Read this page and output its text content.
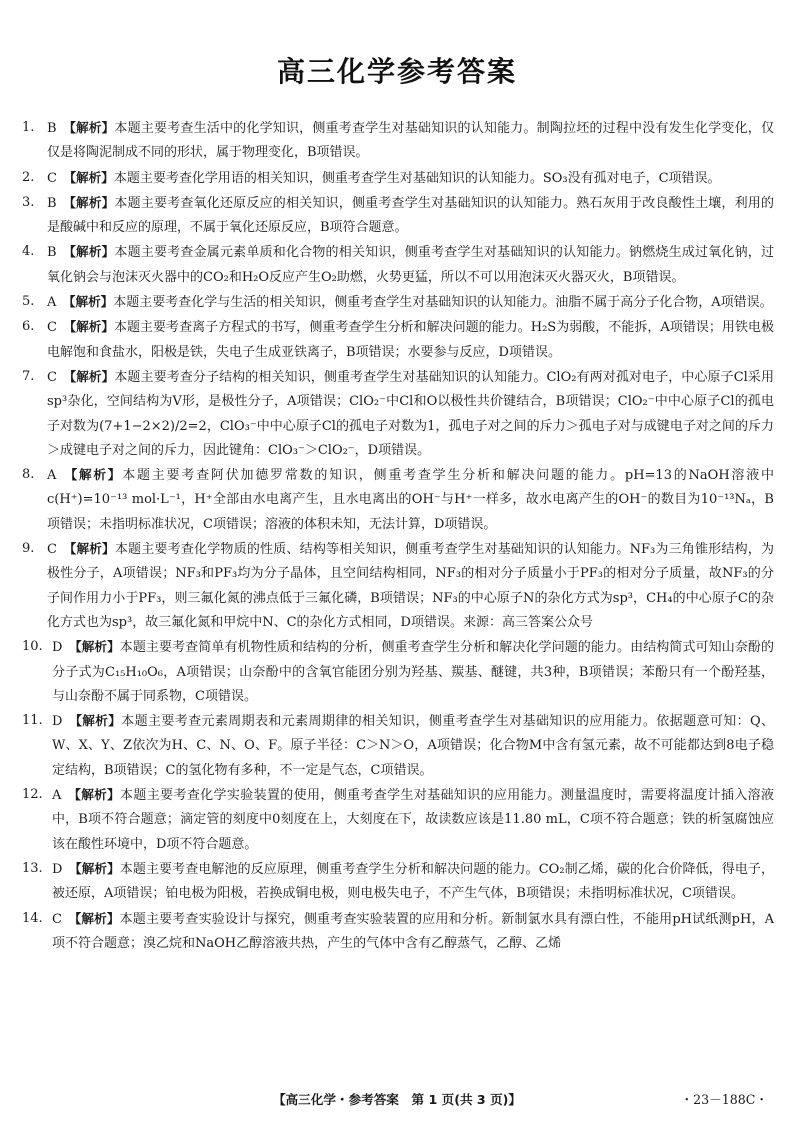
高三化学参考答案
1. B  【解析】本题主要考查生活中的化学知识，侧重考查学生对基础知识的认知能力。制陶拉坯的过程中没有发生化学变化，仅仅是将陶泥制成不同的形状，属于物理变化，B项错误。
2. C  【解析】本题主要考查化学用语的相关知识，侧重考查学生对基础知识的认知能力。SO₃没有孤对电子，C项错误。
3. B  【解析】本题主要考查氧化还原反应的相关知识，侧重考查学生对基础知识的认知能力。熟石灰用于改良酸性土壤，利用的是酸碱中和反应的原理，不属于氧化还原反应，B项符合题意。
4. B  【解析】本题主要考查金属元素单质和化合物的相关知识，侧重考查学生对基础知识的认知能力。钠燃烧生成过氧化钠，过氧化钠会与泡沫灭火器中的CO₂和H₂O反应产生O₂助燃，火势更猛，所以不可以用泡沫灭火器灭火，B项错误。
5. A  【解析】本题主要考查化学与生活的相关知识，侧重考查学生对基础知识的认知能力。油脂不属于高分子化合物，A项错误。
6. C  【解析】本题主要考查离子方程式的书写，侧重考查学生分析和解决问题的能力。H₂S为弱酸，不能拆，A项错误；用铁电极电解饱和食盐水，阳极是铁，失电子生成亚铁离子，B项错误；水要参与反应，D项错误。
7. C  【解析】本题主要考查分子结构的相关知识，侧重考查学生对基础知识的认知能力。ClO₂有两对孤对电子，中心原子Cl采用sp³杂化，空间结构为V形，是极性分子，A项错误；ClO₂⁻中Cl和O以极性共价键结合，B项错误；ClO₂⁻中中心原子Cl的孤电子对数为(7+1−2×2)/2=2，ClO₃⁻中中心原子Cl的孤电子对数为1，孤电子对之间的斥力＞孤电子对与成键电子对之间的斥力＞成键电子对之间的斥力，因此键角：ClO₃⁻＞ClO₂⁻，D项错误。
8. A  【解析】本题主要考查阿伏加德罗常数的知识，侧重考查学生分析和解决问题的能力。pH=13的NaOH溶液中c(H⁺)=10⁻¹³ mol·L⁻¹，H⁺全部由水电离产生，且水电离出的OH⁻与H⁺一样多，故水电离产生的OH⁻的数目为10⁻¹³Nₐ，B项错误；未指明标准状况，C项错误；溶液的体积未知，无法计算，D项错误。
9. C  【解析】本题主要考查化学物质的性质、结构等相关知识，侧重考查学生对基础知识的认知能力。NF₃为三角锥形结构，为极性分子，A项错误；NF₃和PF₃均为分子晶体，且空间结构相同，NF₃的相对分子质量小于PF₃的相对分子质量，故NF₃的分子间作用力小于PF₃，则三氟化氮的沸点低于三氟化磷，B项错误；NF₃的中心原子N的杂化方式为sp³，CH₄的中心原子C的杂化方式也为sp³，故三氟化氮和甲烷中N、C的杂化方式相同，D项错误。来源：高三答案公众号
10. D  【解析】本题主要考查简单有机物性质和结构的分析，侧重考查学生分析和解决化学问题的能力。由结构简式可知山奈酚的分子式为C₁₅H₁₀O₆，A项错误；山奈酚中的含氧官能团分别为羟基、羰基、醚键，共3种，B项错误；苯酚只有一个酚羟基，与山奈酚不属于同系物，C项错误。
11. D  【解析】本题主要考查元素周期表和元素周期律的相关知识，侧重考查学生对基础知识的应用能力。依据题意可知：Q、W、X、Y、Z依次为H、C、N、O、F。原子半径：C＞N＞O，A项错误；化合物M中含有氢元素，故不可能都达到8电子稳定结构，B项错误；C的氢化物有多种，不一定是气态，C项错误。
12. A  【解析】本题主要考查化学实验装置的使用，侧重考查学生对基础知识的应用能力。测量温度时，需要将温度计插入溶液中，B项不符合题意；滴定管的刻度中0刻度在上，大刻度在下，故读数应该是11.80 mL，C项不符合题意；铁的析氢腐蚀应该在酸性环境中，D项不符合题意。
13. D  【解析】本题主要考查电解池的反应原理，侧重考查学生分析和解决问题的能力。CO₂制乙烯，碳的化合价降低，得电子，被还原，A项错误；铂电极为阳极，若换成铜电极，则电极失电子，不产生气体，B项错误；未指明标准状况，C项错误。
14. C  【解析】本题主要考查实验设计与探究，侧重考查实验装置的应用和分析。新制氯水具有漂白性，不能用pH试纸测pH，A项不符合题意；溴乙烷和NaOH乙醇溶液共热，产生的气体中含有乙醇蒸气，乙醇、乙烯
【高三化学・参考答案　第 1 页(共 3 页)】	・23－188C・
